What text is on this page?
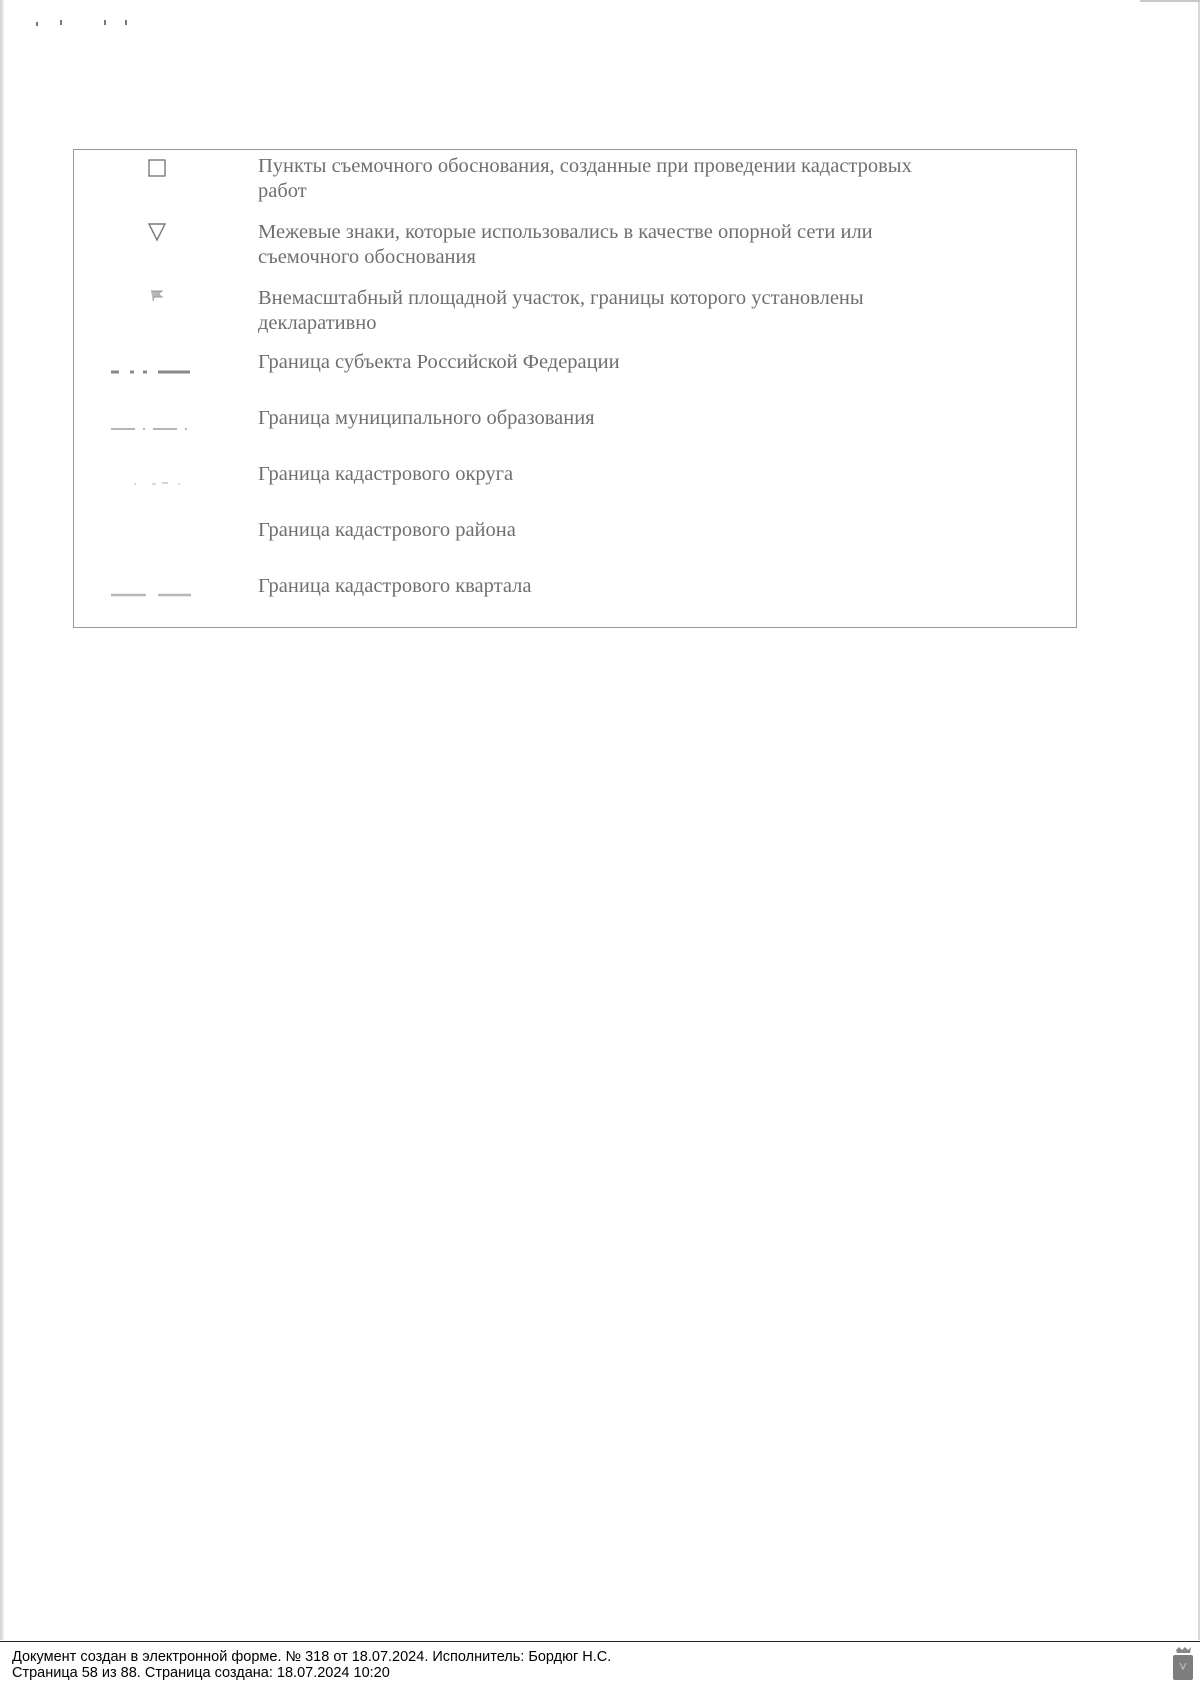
Пункты съемочного обоснования, созданные при проведении кадастровых
работ
Межевые знаки, которые использовались в качестве опорной сети или
съемочного обоснования
Внемасштабный площадной участок, границы которого установлены
декларативно
Граница субъекта Российской Федерации
Граница муниципального образования
Граница кадастрового округа
Граница кадастрового района
Граница кадастрового квартала
Документ создан в электронной форме. № 318 от 18.07.2024. Исполнитель: Бордюг Н.С.
Страница 58 из 88. Страница создана: 18.07.2024 10:20
